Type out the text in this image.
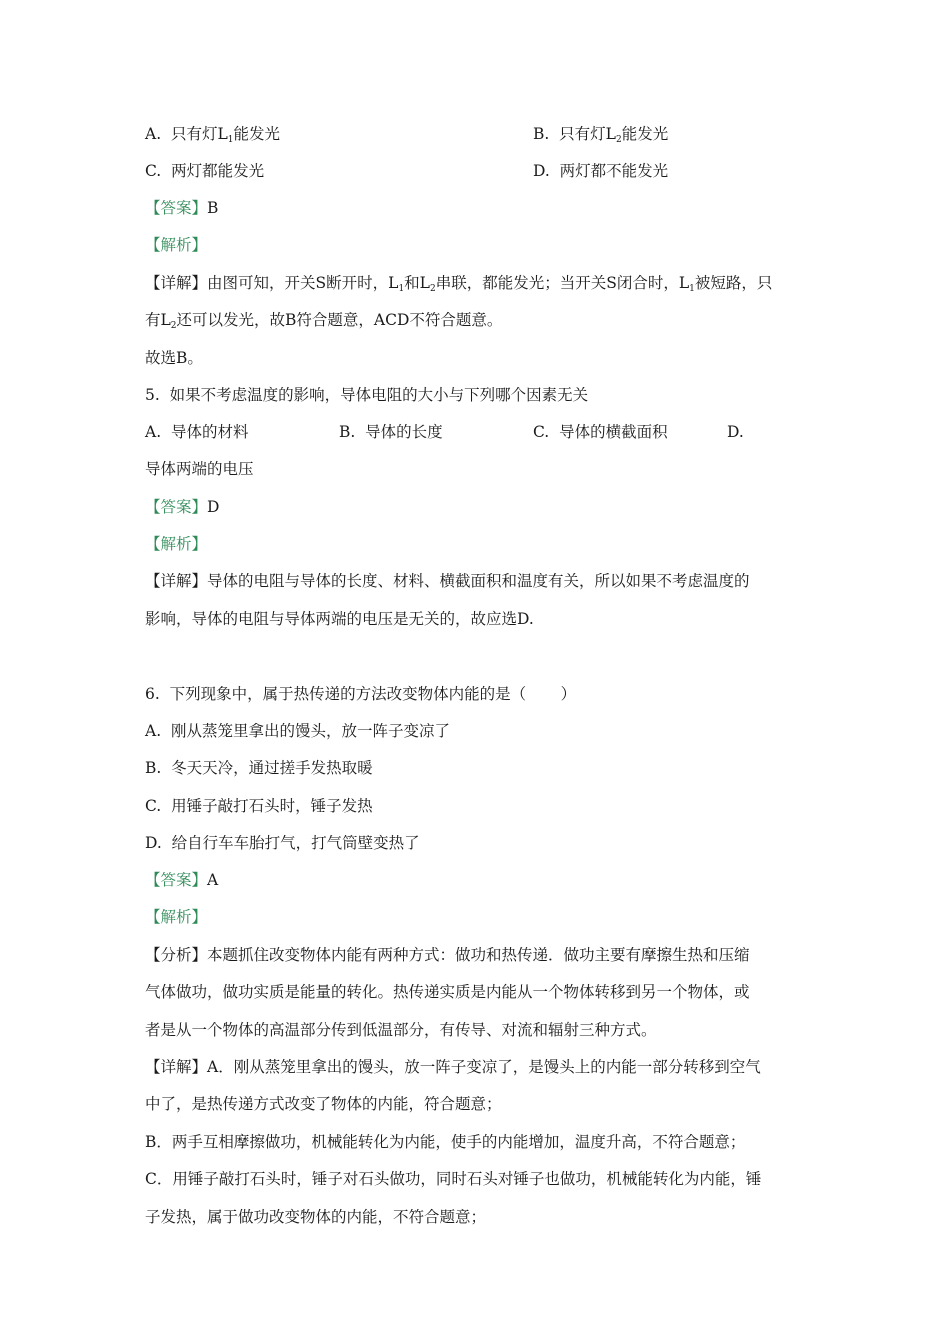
A.  只有灯$L_1$能发光	B.  只有灯$L_2$能发光
C.  两灯都能发光	D.  两灯都不能发光
【答案】B
【解析】
【详解】由图可知，开关S断开时，$L_1$和$L_2$串联，都能发光；当开关S闭合时，$L_1$被短路，只
有$L_2$还可以发光，故B符合题意，ACD不符合题意。
故选B。
5.  如果不考虑温度的影响，导体电阻的大小与下列哪个因素无关
A.  导体的材料	B.  导体的长度	C.  导体的横截面积	D.
导体两端的电压
【答案】D
【解析】
【详解】导体的电阻与导体的长度、材料、横截面积和温度有关，所以如果不考虑温度的
影响，导体的电阻与导体两端的电压是无关的，故应选D.
6.  下列现象中，属于热传递的方法改变物体内能的是（       ）
A.  刚从蒸笼里拿出的馒头，放一阵子变凉了
B.  冬天天冷，通过搓手发热取暖
C.  用锤子敲打石头时，锤子发热
D.  给自行车车胎打气，打气筒壁变热了
【答案】A
【解析】
【分析】本题抓住改变物体内能有两种方式：做功和热传递．做功主要有摩擦生热和压缩
气体做功，做功实质是能量的转化。热传递实质是内能从一个物体转移到另一个物体，或
者是从一个物体的高温部分传到低温部分，有传导、对流和辐射三种方式。
【详解】A．刚从蒸笼里拿出的馒头，放一阵子变凉了，是馒头上的内能一部分转移到空气
中了，是热传递方式改变了物体的内能，符合题意；
B．两手互相摩擦做功，机械能转化为内能，使手的内能增加，温度升高，不符合题意；
C．用锤子敲打石头时，锤子对石头做功，同时石头对锤子也做功，机械能转化为内能，锤
子发热，属于做功改变物体的内能，不符合题意；
